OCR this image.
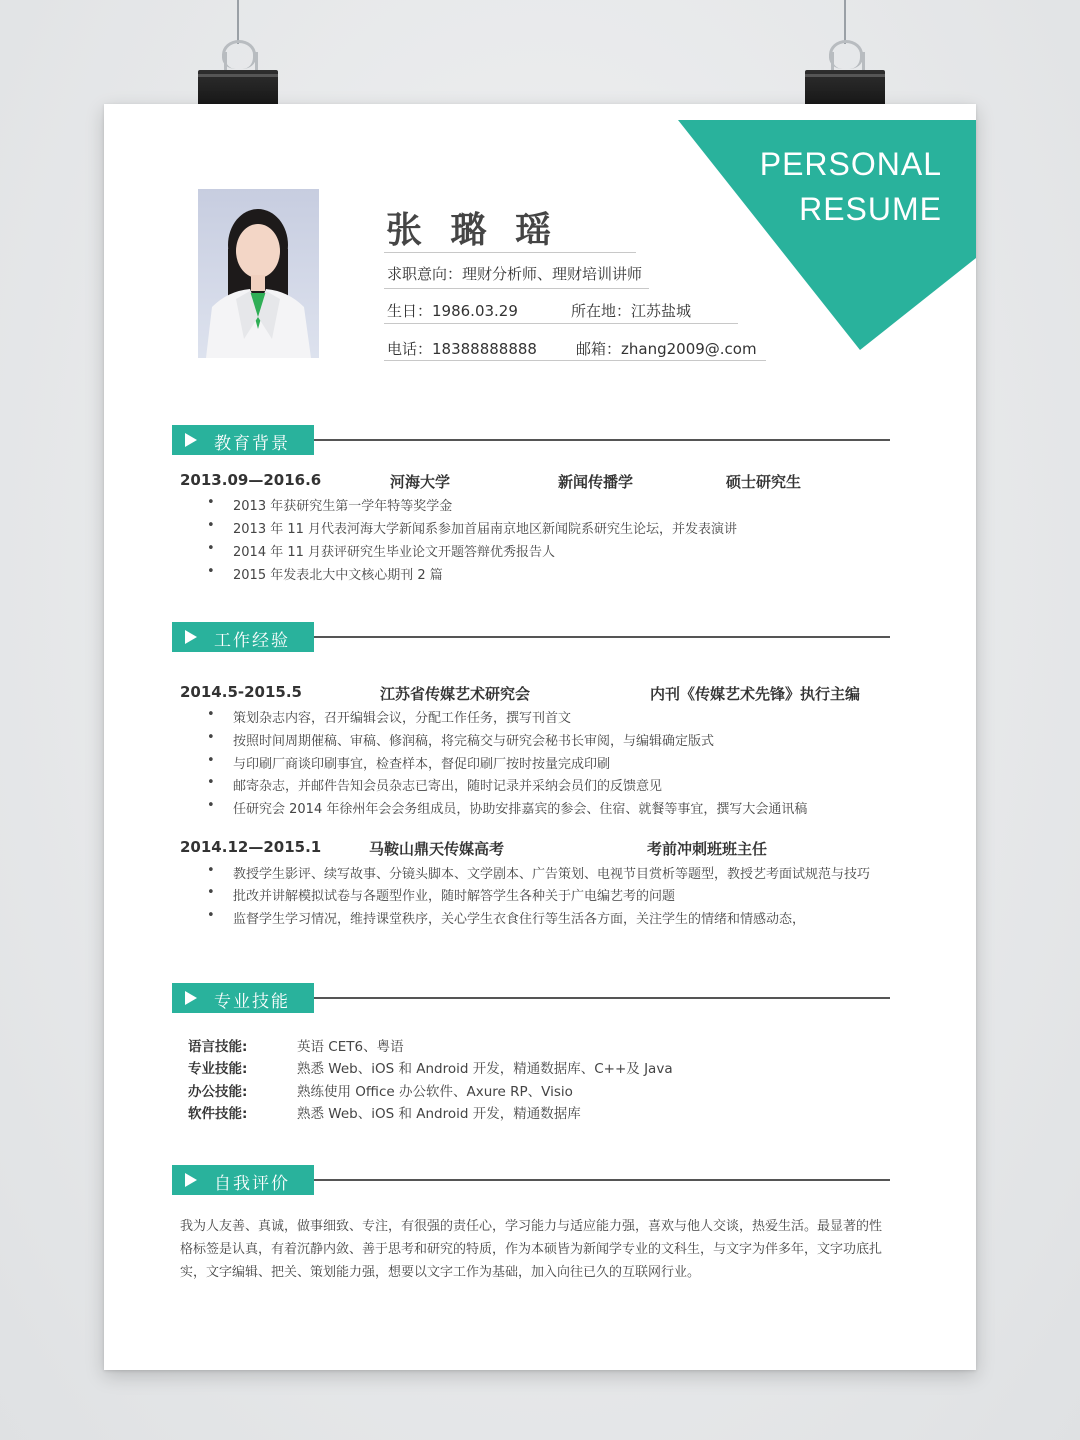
PERSONAL
RESUME
张 璐 瑶
求职意向：理财分析师、理财培训讲师
生日：1986.03.29	所在地：江苏盐城
电话：18388888888	邮箱：zhang2009@.com
教育背景
2013.09—2016.6	河海大学	新闻传播学	硕士研究生
• 2013 年获研究生第一学年特等奖学金
• 2013 年 11 月代表河海大学新闻系参加首届南京地区新闻院系研究生论坛，并发表演讲
• 2014 年 11 月获评研究生毕业论文开题答辩优秀报告人
• 2015 年发表北大中文核心期刊 2 篇
工作经验
2014.5-2015.5	江苏省传媒艺术研究会	内刊《传媒艺术先锋》执行主编
• 策划杂志内容，召开编辑会议，分配工作任务，撰写刊首文
• 按照时间周期催稿、审稿、修润稿，将完稿交与研究会秘书长审阅，与编辑确定版式
• 与印刷厂商谈印刷事宜，检查样本，督促印刷厂按时按量完成印刷
• 邮寄杂志，并邮件告知会员杂志已寄出，随时记录并采纳会员们的反馈意见
• 任研究会 2014 年徐州年会会务组成员，协助安排嘉宾的参会、住宿、就餐等事宜，撰写大会通讯稿
2014.12—2015.1	马鞍山鼎天传媒高考	考前冲刺班班主任
• 教授学生影评、续写故事、分镜头脚本、文学剧本、广告策划、电视节目赏析等题型，教授艺考面试规范与技巧
• 批改并讲解模拟试卷与各题型作业，随时解答学生各种关于广电编艺考的问题
• 监督学生学习情况，维持课堂秩序，关心学生衣食住行等生活各方面，关注学生的情绪和情感动态，
专业技能
语言技能:	英语 CET6、粤语
专业技能:	熟悉 Web、iOS 和 Android 开发，精通数据库、C++及 Java
办公技能:	熟练使用 Office 办公软件、Axure RP、Visio
软件技能:	熟悉 Web、iOS 和 Android 开发，精通数据库
自我评价
我为人友善、真诚，做事细致、专注，有很强的责任心，学习能力与适应能力强，喜欢与他人交谈，热爱生活。最显著的性格标签是认真，有着沉静内敛、善于思考和研究的特质，作为本硕皆为新闻学专业的文科生，与文字为伴多年，文字功底扎实，文字编辑、把关、策划能力强，想要以文字工作为基础，加入向往已久的互联网行业。
